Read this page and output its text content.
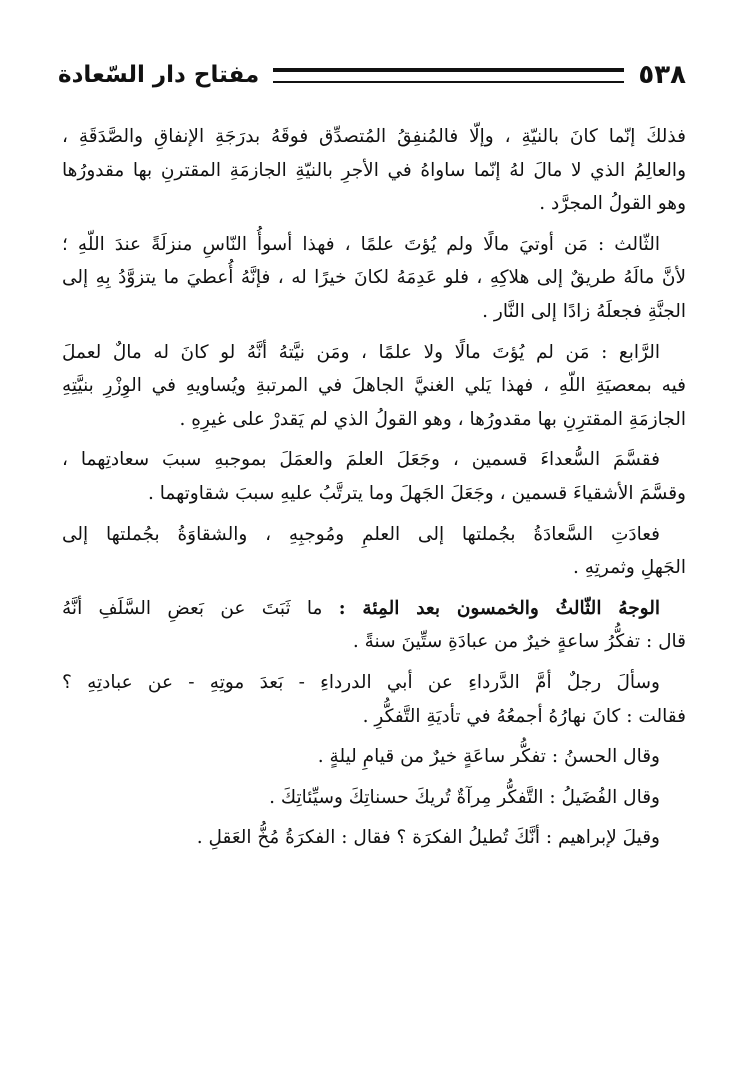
٥٣٨
مفتاح دار السّعادة
فذلكَ إنّما كانَ بالنيّةِ ، وإلّا فالمُنفِقُ المُتصدِّق فوقَهُ بدرَجَةِ الإنفاقِ والصَّدَقَةِ ،
والعالِمُ الذي لا مالَ لهُ إنّما ساواهُ في الأجرِ بالنيّةِ الجازمَةِ المقترنِ بها مقدورُها
وهو القولُ المجرَّد .
الثّالث : مَن أوتيَ مالًا ولم يُؤتَ علمًا ، فهذا أسوأُ النّاسِ منزلَةً عندَ اللّهِ ؛
لأنَّ مالَهُ طريقٌ إلى هلاكِهِ ، فلو عَدِمَهُ لكانَ خيرًا له ، فإنَّهُ أُعطيَ ما يتزوَّدُ بِهِ إلى
الجنَّةِ فجعلَهُ زادًا إلى النَّار .
الرَّابع : مَن لم يُؤتَ مالًا ولا علمًا ، ومَن نيَّتهُ أنَّهُ لو كانَ له مالٌ لعملَ
فيه بمعصيَةِ اللّهِ ، فهذا يَلي الغنيَّ الجاهلَ في المرتبةِ ويُساويهِ في الوِزْرِ بنيَّتِهِ
الجازمَةِ المقترِنِ بها مقدورُها ، وهو القولُ الذي لم يَقدرْ على غيرِهِ .
فقسَّمَ السُّعداءَ قسمين ، وجَعَلَ العلمَ والعمَلَ بموجبهِ سببَ سعادتِهما ،
وقسَّمَ الأشقياءَ قسمين ، وجَعَلَ الجَهلَ وما يترتَّبُ عليهِ سببَ شقاوتهما .
فعادَتِ السَّعادَةُ بجُملتها إلى العلمِ ومُوجبِهِ ، والشقاوَةُ بجُملتها إلى
الجَهلِ وثمرتِهِ .
الوجهُ الثّالثُ والخمسون بعد المِئة : ما ثَبَتَ عن بَعضِ السَّلَفِ أنَّهُ
قال : تفكُّرُ ساعةٍ خيرٌ من عبادَةِ ستِّينَ سنةً .
وسألَ رجلٌ أمَّ الدَّرداءِ عن أبي الدرداءِ - بَعدَ موتِهِ - عن عبادتِهِ ؟
فقالت : كانَ نهارُهُ أجمعُهُ في تأديَةِ التَّفكُّرِ .
وقال الحسنُ : تفكُّر ساعَةٍ خيرٌ من قيامِ ليلةٍ .
وقال الفُضَيلُ : التَّفكُّر مِرآةٌ تُريكَ حسناتِكَ وسيِّئاتِكَ .
وقيلَ لإبراهيم : أنَّكَ تُطيلُ الفكرَة ؟ فقال : الفكرَةُ مُخُّ العَقلِ .
